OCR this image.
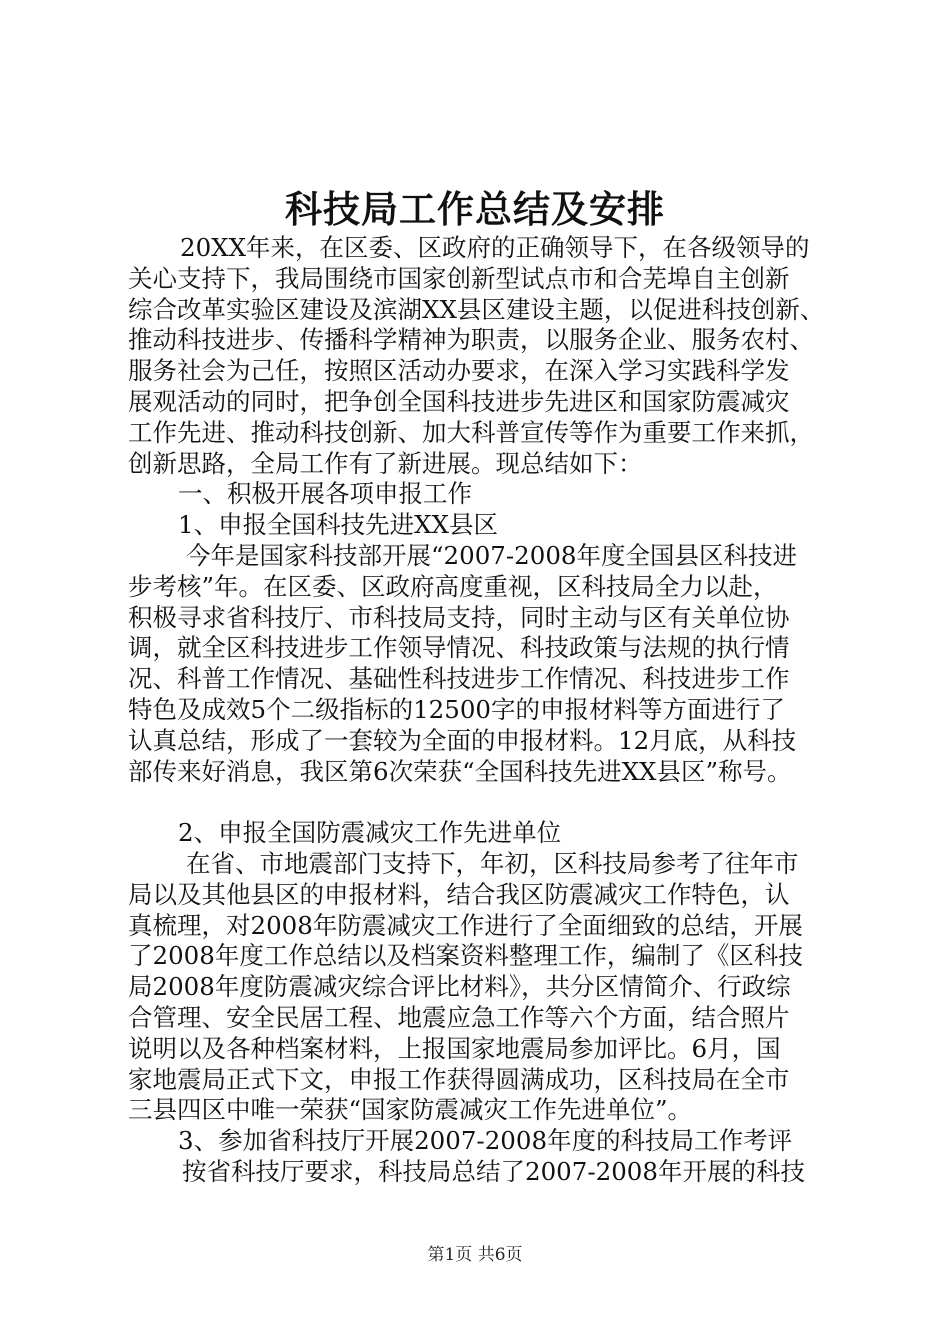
科技局工作总结及安排
20XX年来，在区委、区政府的正确领导下，在各级领导的
关心支持下，我局围绕市国家创新型试点市和合芜埠自主创新
综合改革实验区建设及滨湖XX县区建设主题，以促进科技创新、
推动科技进步、传播科学精神为职责，以服务企业、服务农村、
服务社会为己任，按照区活动办要求，在深入学习实践科学发
展观活动的同时，把争创全国科技进步先进区和国家防震减灾
工作先进、推动科技创新、加大科普宣传等作为重要工作来抓，
创新思路，全局工作有了新进展。现总结如下：
一、积极开展各项申报工作
1、申报全国科技先进XX县区
今年是国家科技部开展“2007-2008年度全国县区科技进
步考核”年。在区委、区政府高度重视，区科技局全力以赴，
积极寻求省科技厅、市科技局支持，同时主动与区有关单位协
调，就全区科技进步工作领导情况、科技政策与法规的执行情
况、科普工作情况、基础性科技进步工作情况、科技进步工作
特色及成效5个二级指标的12500字的申报材料等方面进行了
认真总结，形成了一套较为全面的申报材料。12月底，从科技
部传来好消息，我区第6次荣获“全国科技先进XX县区”称号。
2、申报全国防震减灾工作先进单位
在省、市地震部门支持下，年初，区科技局参考了往年市
局以及其他县区的申报材料，结合我区防震减灾工作特色，认
真梳理，对2008年防震减灾工作进行了全面细致的总结，开展
了2008年度工作总结以及档案资料整理工作，编制了《区科技
局2008年度防震减灾综合评比材料》，共分区情简介、行政综
合管理、安全民居工程、地震应急工作等六个方面，结合照片
说明以及各种档案材料，上报国家地震局参加评比。6月，国
家地震局正式下文，申报工作获得圆满成功，区科技局在全市
三县四区中唯一荣获“国家防震减灾工作先进单位”。
3、参加省科技厅开展2007-2008年度的科技局工作考评
按省科技厅要求，科技局总结了2007-2008年开展的科技
第1页 共6页
